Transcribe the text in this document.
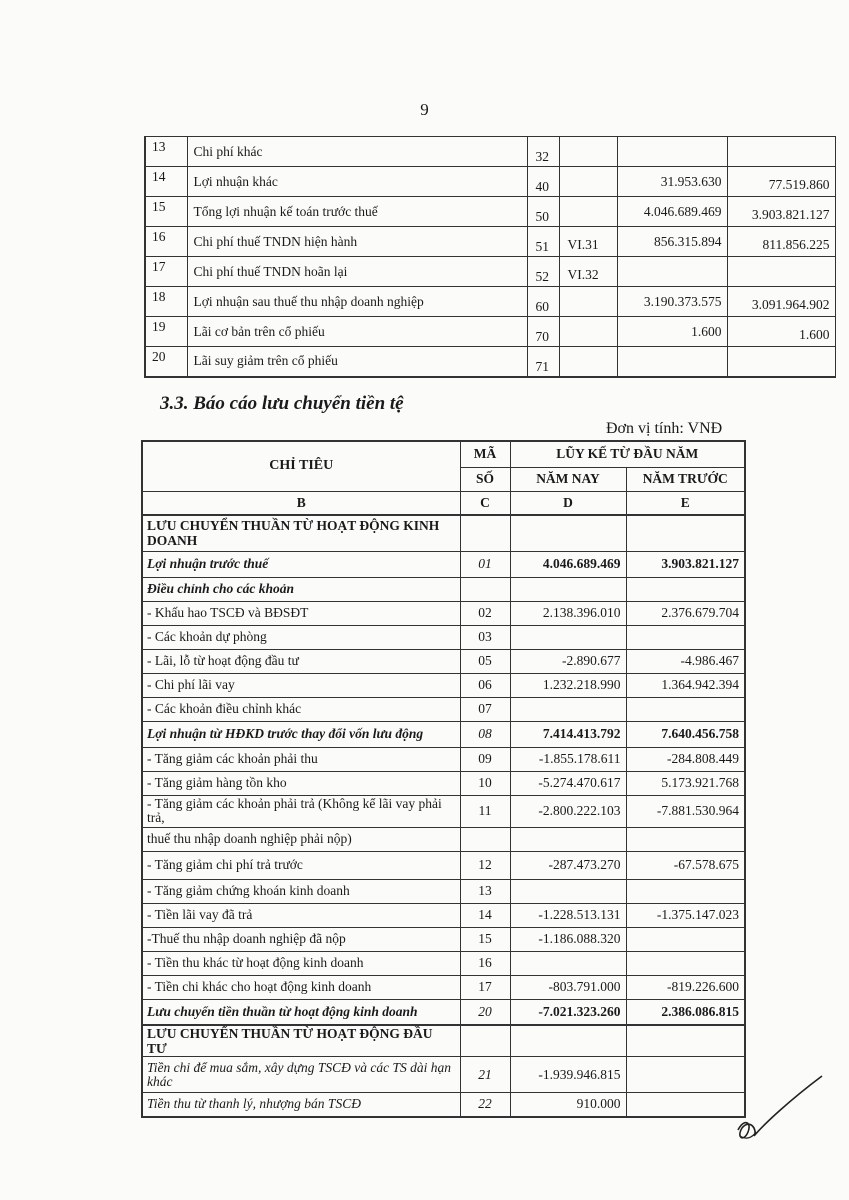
9
13	Chi phí khác	32			
14	Lợi nhuận khác	40		31.953.630	77.519.860
15	Tổng lợi nhuận kế toán trước thuế	50		4.046.689.469	3.903.821.127
16	Chi phí thuế TNDN hiện hành	51	VI.31	856.315.894	811.856.225
17	Chi phí thuế TNDN hoãn lại	52	VI.32		
18	Lợi nhuận sau thuế thu nhập doanh nghiệp	60		3.190.373.575	3.091.964.902
19	Lãi cơ bản trên cổ phiếu	70		1.600	1.600
20	Lãi suy giảm trên cổ phiếu	71			
3.3. Báo cáo lưu chuyển tiền tệ
Đơn vị tính: VNĐ
CHỈ TIÊU	MÃ	LŨY KẾ TỪ ĐẦU NĂM	
	SỐ	NĂM NAY	NĂM TRƯỚC
B	C	D	E
LƯU CHUYỂN THUẦN TỪ HOẠT ĐỘNG KINH DOANH			
Lợi nhuận trước thuế	01	4.046.689.469	3.903.821.127
Điều chỉnh cho các khoản			
- Khấu hao TSCĐ và BĐSĐT	02	2.138.396.010	2.376.679.704
- Các khoản dự phòng	03		
- Lãi, lỗ từ hoạt động đầu tư	05	-2.890.677	-4.986.467
- Chi phí lãi vay	06	1.232.218.990	1.364.942.394
- Các khoản điều chỉnh khác	07		
Lợi nhuận từ HĐKD trước thay đổi vốn lưu động	08	7.414.413.792	7.640.456.758
- Tăng giảm các khoản phải thu	09	-1.855.178.611	-284.808.449
- Tăng giảm hàng tồn kho	10	-5.274.470.617	5.173.921.768
- Tăng giảm các khoản phải trả (Không kể lãi vay phải trả,	11	-2.800.222.103	-7.881.530.964
thuế thu nhập doanh nghiệp phải nộp)			
- Tăng giảm chi phí trả trước	12	-287.473.270	-67.578.675
- Tăng giảm chứng khoán kinh doanh	13		
- Tiền lãi vay đã trả	14	-1.228.513.131	-1.375.147.023
-Thuế thu nhập doanh nghiệp đã nộp	15	-1.186.088.320	
- Tiền thu khác từ hoạt động kinh doanh	16		
- Tiền chi khác cho hoạt động kinh doanh	17	-803.791.000	-819.226.600
Lưu chuyển tiền thuần từ hoạt động kinh doanh	20	-7.021.323.260	2.386.086.815
LƯU CHUYỂN THUẦN TỪ HOẠT ĐỘNG ĐẦU TƯ			
Tiền chi để mua sắm, xây dựng TSCĐ và các TS dài hạn khác	21	-1.939.946.815	
Tiền thu từ thanh lý, nhượng bán TSCĐ	22	910.000	
